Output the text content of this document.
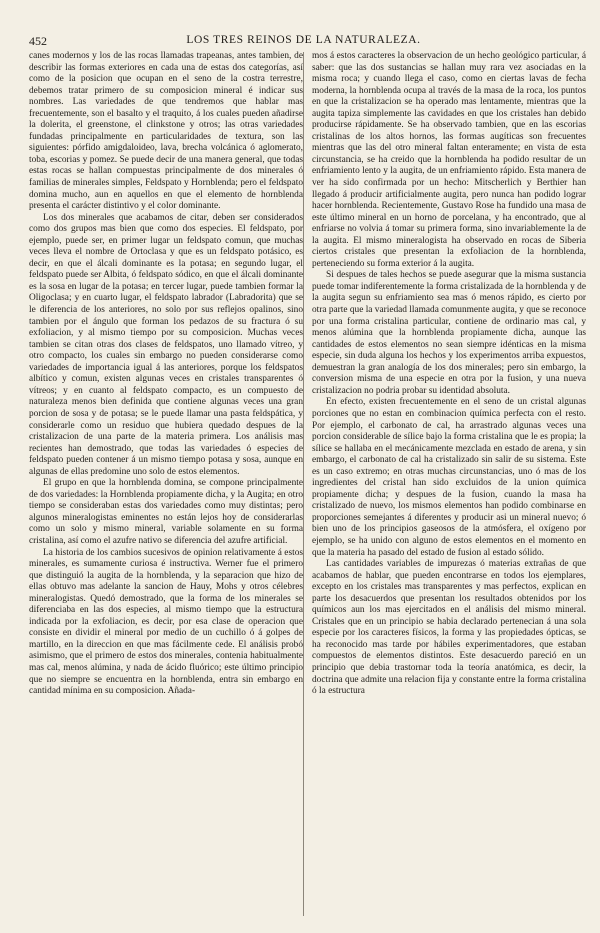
452	LOS TRES REINOS DE LA NATURALEZA.

canes modernos y los de las rocas llamadas trapeanas, antes tambien, de describir las formas exteriores en cada una de estas dos categorías, así como de la posicion que ocupan en el seno de la costra terrestre, debemos tratar primero de su composicion mineral é indicar sus nombres. Las variedades de que tendremos que hablar mas frecuentemente, son el basalto y el traquito, á los cuales pueden añadirse la dolerita, el greenstone, el clinkstone y otros; las otras variedades fundadas principalmente en particularidades de textura, son las siguientes: pórfido amigdaloideo, lava, brecha volcánica ó aglomerato, toba, escorias y pomez. Se puede decir de una manera general, que todas estas rocas se hallan compuestas principalmente de dos minerales ó familias de minerales simples, Feldspato y Hornblenda; pero el feldspato domina mucho, aun en aquellos en que el elemento de hornblenda presenta el carácter distintivo y el color dominante.

Los dos minerales que acabamos de citar, deben ser considerados como dos grupos mas bien que como dos especies. El feldspato, por ejemplo, puede ser, en primer lugar un feldspato comun, que muchas veces lleva el nombre de Ortoclasa y que es un feldspato potásico, es decir, en que el álcali dominante es la potasa; en segundo lugar, el feldspato puede ser Albita, ó feldspato sódico, en que el álcali dominante es la sosa en lugar de la potasa; en tercer lugar, puede tambien formar la Oligoclasa; y en cuarto lugar, el feldspato labrador (Labradorita) que se le diferencia de los anteriores, no solo por sus reflejos opalinos, sino tambien por el ángulo que forman los pedazos de su fractura ó su exfoliacion, y al mismo tiempo por su composicion. Muchas veces tambien se citan otras dos clases de feldspatos, uno llamado vítreo, y otro compacto, los cuales sin embargo no pueden considerarse como variedades de importancia igual á las anteriores, porque los feldspatos albítico y comun, existen algunas veces en cristales transparentes ó vítreos; y en cuanto al feldspato compacto, es un compuesto de naturaleza menos bien definida que contiene algunas veces una gran porcion de sosa y de potasa; se le puede llamar una pasta feldspática, y considerarle como un residuo que hubiera quedado despues de la cristalizacion de una parte de la materia primera. Los análisis mas recientes han demostrado, que todas las variedades ó especies de feldspato pueden contener á un mismo tiempo potasa y sosa, aunque en algunas de ellas predomine uno solo de estos elementos.

El grupo en que la hornblenda domina, se compone principalmente de dos variedades: la Hornblenda propiamente dicha, y la Augita; en otro tiempo se consideraban estas dos variedades como muy distintas; pero algunos mineralogistas eminentes no están lejos hoy de considerarlas como un solo y mismo mineral, variable solamente en su forma cristalina, así como el azufre nativo se diferencia del azufre artificial.

La historia de los cambios sucesivos de opinion relativamente á estos minerales, es sumamente curiosa é instructiva. Werner fue el primero que distinguió la augita de la hornblenda, y la separacion que hizo de ellas obtuvo mas adelante la sancion de Hauy, Mohs y otros célebres mineralogistas. Quedó demostrado, que la forma de los minerales se diferenciaba en las dos especies, al mismo tiempo que la estructura indicada por la exfoliacion, es decir, por esa clase de operacion que consiste en dividir el mineral por medio de un cuchillo ó á golpes de martillo, en la direccion en que mas fácilmente cede. El análisis probó asimismo, que el primero de estos dos minerales, contenia habitualmente mas cal, menos alúmina, y nada de ácido fluórico; este último principio que no siempre se encuentra en la hornblenda, entra sin embargo en cantidad mínima en su composicion. Añada-

mos á estos caracteres la observacion de un hecho geológico particular, á saber: que las dos sustancias se hallan muy rara vez asociadas en la misma roca; y cuando llega el caso, como en ciertas lavas de fecha moderna, la hornblenda ocupa al través de la masa de la roca, los puntos en que la cristalizacion se ha operado mas lentamente, mientras que la augita tapiza simplemente las cavidades en que los cristales han debido producirse rápidamente. Se ha observado tambien, que en las escorias cristalinas de los altos hornos, las formas augíticas son frecuentes mientras que las del otro mineral faltan enteramente; en vista de esta circunstancia, se ha creido que la hornblenda ha podido resultar de un enfriamiento lento y la augita, de un enfriamiento rápido. Esta manera de ver ha sido confirmada por un hecho: Mitscherlich y Berthier han llegado á producir artificialmente augita, pero nunca han podido lograr hacer hornblenda. Recientemente, Gustavo Rose ha fundido una masa de este último mineral en un horno de porcelana, y ha encontrado, que al enfriarse no volvia á tomar su primera forma, sino invariablemente la de la augita. El mismo mineralogista ha observado en rocas de Siberia ciertos cristales que presentan la exfoliacion de la hornblenda, perteneciendo su forma exterior á la augita.

Si despues de tales hechos se puede asegurar que la misma sustancia puede tomar indiferentemente la forma cristalizada de la hornblenda y de la augita segun su enfriamiento sea mas ó menos rápido, es cierto por otra parte que la variedad llamada comunmente augita, y que se reconoce por una forma cristalina particular, contiene de ordinario mas cal, y menos alúmina que la hornblenda propiamente dicha, aunque las cantidades de estos elementos no sean siempre idénticas en la misma especie, sin duda alguna los hechos y los experimentos arriba expuestos, demuestran la gran analogía de los dos minerales; pero sin embargo, la conversion misma de una especie en otra por la fusion, y una nueva cristalizacion no podria probar su identidad absoluta.

En efecto, existen frecuentemente en el seno de un cristal algunas porciones que no estan en combinacion química perfecta con el resto. Por ejemplo, el carbonato de cal, ha arrastrado algunas veces una porcion considerable de sílice bajo la forma cristalina que le es propia; la sílice se hallaba en el mecánicamente mezclada en estado de arena, y sin embargo, el carbonato de cal ha cristalizado sin salir de su sistema. Este es un caso extremo; en otras muchas circunstancias, uno ó mas de los ingredientes del cristal han sido excluidos de la union química propiamente dicha; y despues de la fusion, cuando la masa ha cristalizado de nuevo, los mismos elementos han podido combinarse en proporciones semejantes á diferentes y producir asi un mineral nuevo; ó bien uno de los principios gaseosos de la atmósfera, el oxígeno por ejemplo, se ha unido con alguno de estos elementos en el momento en que la materia ha pasado del estado de fusion al estado sólido.

Las cantidades variables de impurezas ó materias extrañas de que acabamos de hablar, que pueden encontrarse en todos los ejemplares, excepto en los cristales mas transparentes y mas perfectos, explican en parte los desacuerdos que presentan los resultados obtenidos por los químicos aun los mas ejercitados en el análisis del mismo mineral. Cristales que en un principio se habia declarado pertenecian á una sola especie por los caracteres físicos, la forma y las propiedades ópticas, se ha reconocido mas tarde por hábiles experimentadores, que estaban compuestos de elementos distintos. Este desacuerdo pareció en un principio que debia trastornar toda la teoría anatómica, es decir, la doctrina que admite una relacion fija y constante entre la forma cristalina ó la estructura
